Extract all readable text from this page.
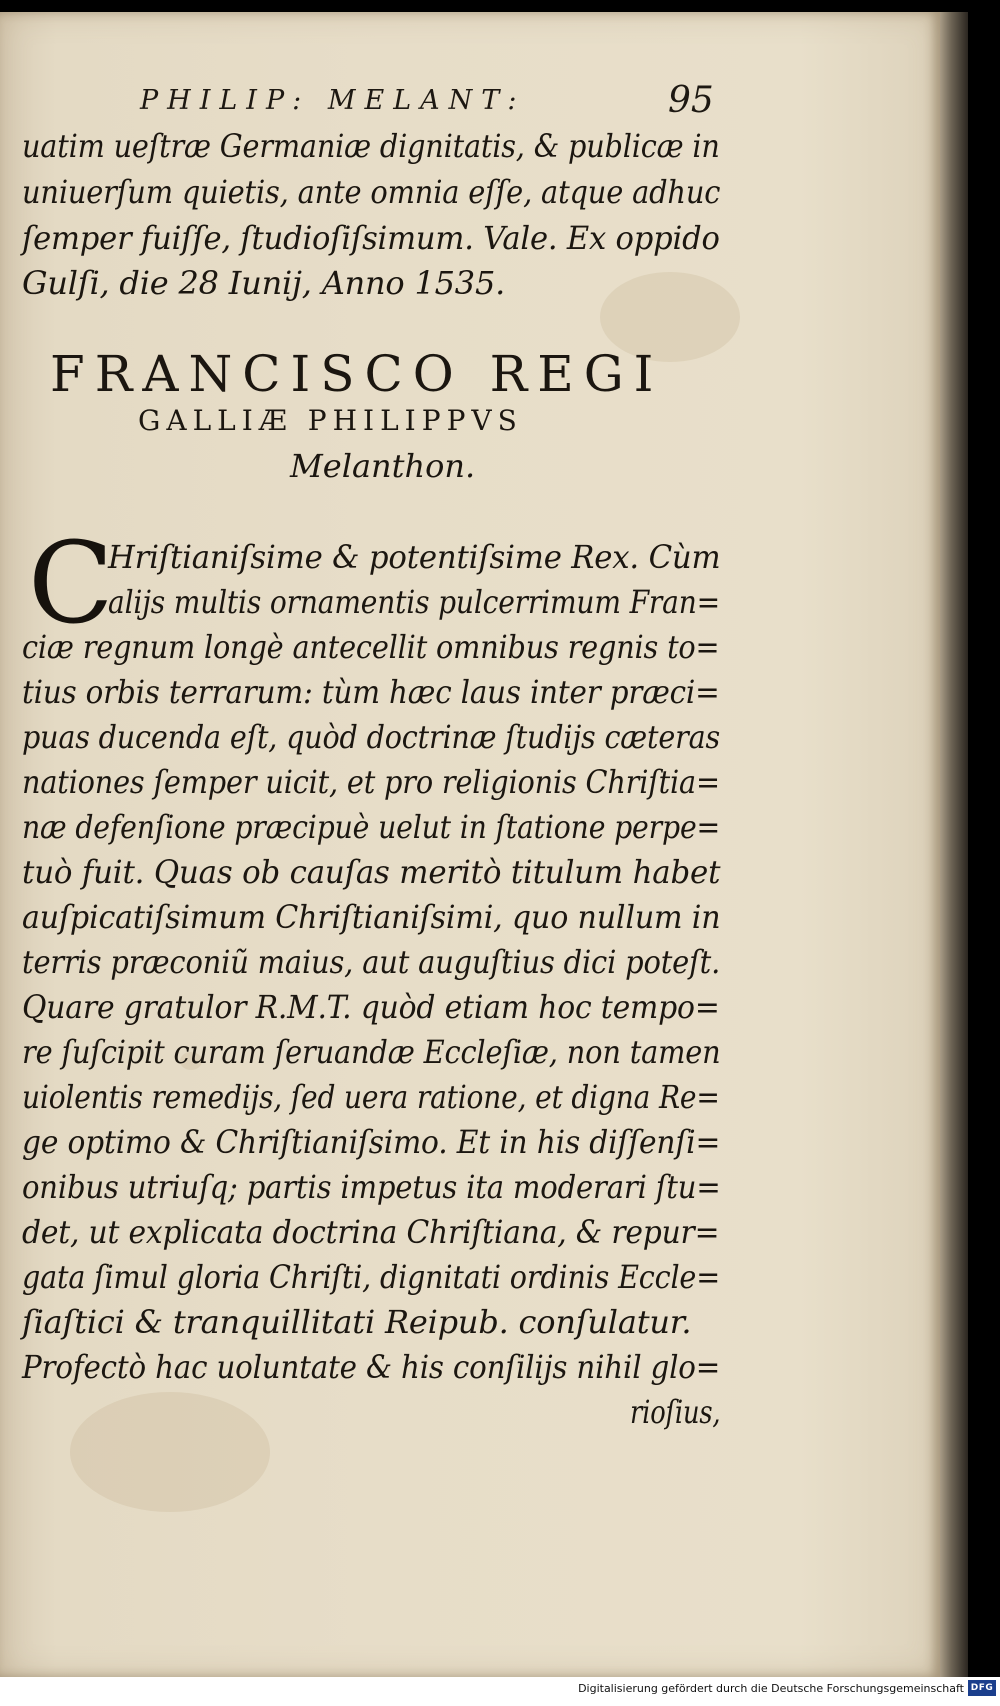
PHILIP: MELANT:	95
uatim ueſtræ Germaniæ dignitatis, & publicæ in
uniuerſum quietis, ante omnia eſſe, atque adhuc
ſemper fuiſſe, ſtudioſiſsimum. Vale. Ex oppido
Gulſi, die 28 Iunij, Anno 1535.
FRANCISCO REGI
GALLIÆ PHILIPPVS
Melanthon.
C
Hriſtianiſsime & potentiſsime Rex. Cùm
alijs multis ornamentis pulcerrimum Fran=
ciæ regnum longè antecellit omnibus regnis to=
tius orbis terrarum: tùm hæc laus inter præci=
puas ducenda eſt, quòd doctrinæ ſtudijs cæteras
nationes ſemper uicit, et pro religionis Chriſtia=
næ defenſione præcipuè uelut in ſtatione perpe=
tuò fuit. Quas ob cauſas meritò titulum habet
auſpicatiſsimum Chriſtianiſsimi, quo nullum in
terris præconiũ maius, aut auguſtius dici poteſt.
Quare gratulor R.M.T. quòd etiam hoc tempo=
re ſuſcipit curam ſeruandæ Eccleſiæ, non tamen
uiolentis remedijs, ſed uera ratione, et digna Re=
ge optimo & Chriſtianiſsimo. Et in his diſſenſi=
onibus utriuſq; partis impetus ita moderari ſtu=
det, ut explicata doctrina Chriſtiana, & repur=
gata ſimul gloria Chriſti, dignitati ordinis Eccle=
ſiaſtici & tranquillitati Reipub. conſulatur.
Profectò hac uoluntate & his conſilijs nihil glo=
rioſius,
Digitalisierung gefördert durch die Deutsche Forschungsgemeinschaft DFG
